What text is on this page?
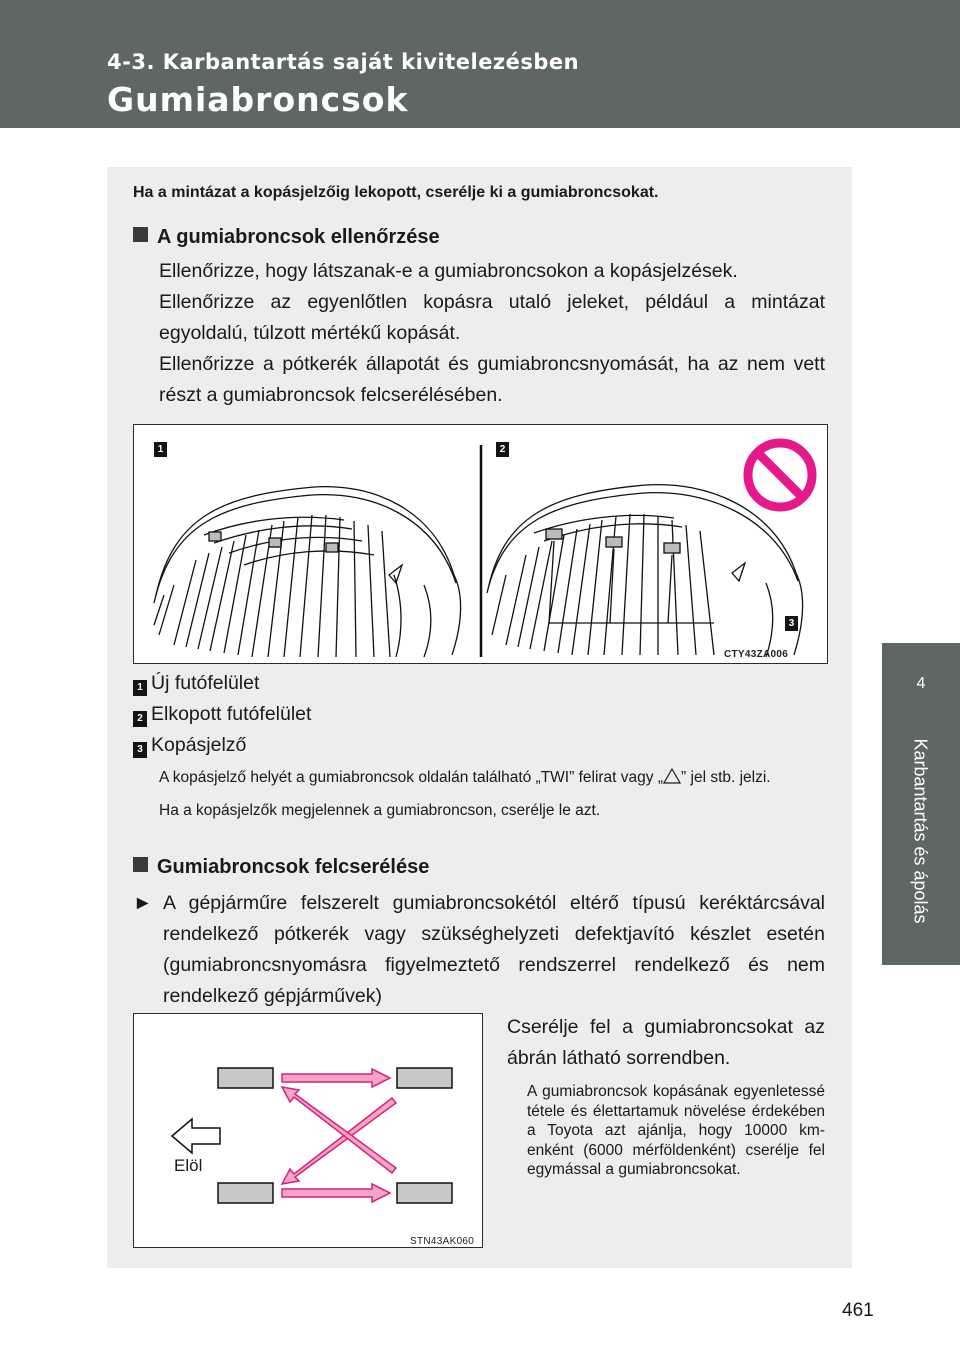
4-3. Karbantartás saját kivitelezésben
Gumiabroncsok
4
Karbantartás és ápolás
Ha a mintázat a kopásjelzőig lekopott, cserélje ki a gumiabroncsokat.
A gumiabroncsok ellenőrzése

Ellenőrizze, hogy látszanak-e a gumiabroncsokon a kopásjelzések.

Ellenőrizze az egyenlőtlen kopásra utaló jeleket, például a mintázat egyoldalú, túlzott mértékű kopását.

Ellenőrizze a pótkerék állapotát és gumiabroncsnyomását, ha az nem vett részt a gumiabroncsok felcserélésében.

1	2
3
CTY43ZA006
1 Új futófelület
2 Elkopott futófelület
3 Kopásjelző

A kopásjelző helyét a gumiabroncsok oldalán található „TWI” felirat vagy „ ” jel stb. jelzi.

Ha a kopásjelzők megjelennek a gumiabroncson, cserélje le azt.

Gumiabroncsok felcserélése
► A gépjárműre felszerelt gumiabroncsokétól eltérő típusú keréktárcsával rendelkező pótkerék vagy szükséghelyzeti defektjavító készlet esetén (gumiabroncsnyomásra figyelmeztető rendszerrel rendelkező és nem rendelkező gépjárművek)
Elöl
STN43AK060
Cserélje fel a gumiabroncsokat az ábrán látható sorrendben.
A gumiabroncsok kopásának egyenletessé tétele és élettartamuk növelése érdekében a Toyota azt ajánlja, hogy 10000 km-enként (6000 mérföldenként) cserélje fel egymással a gumiabroncsokat.
461
